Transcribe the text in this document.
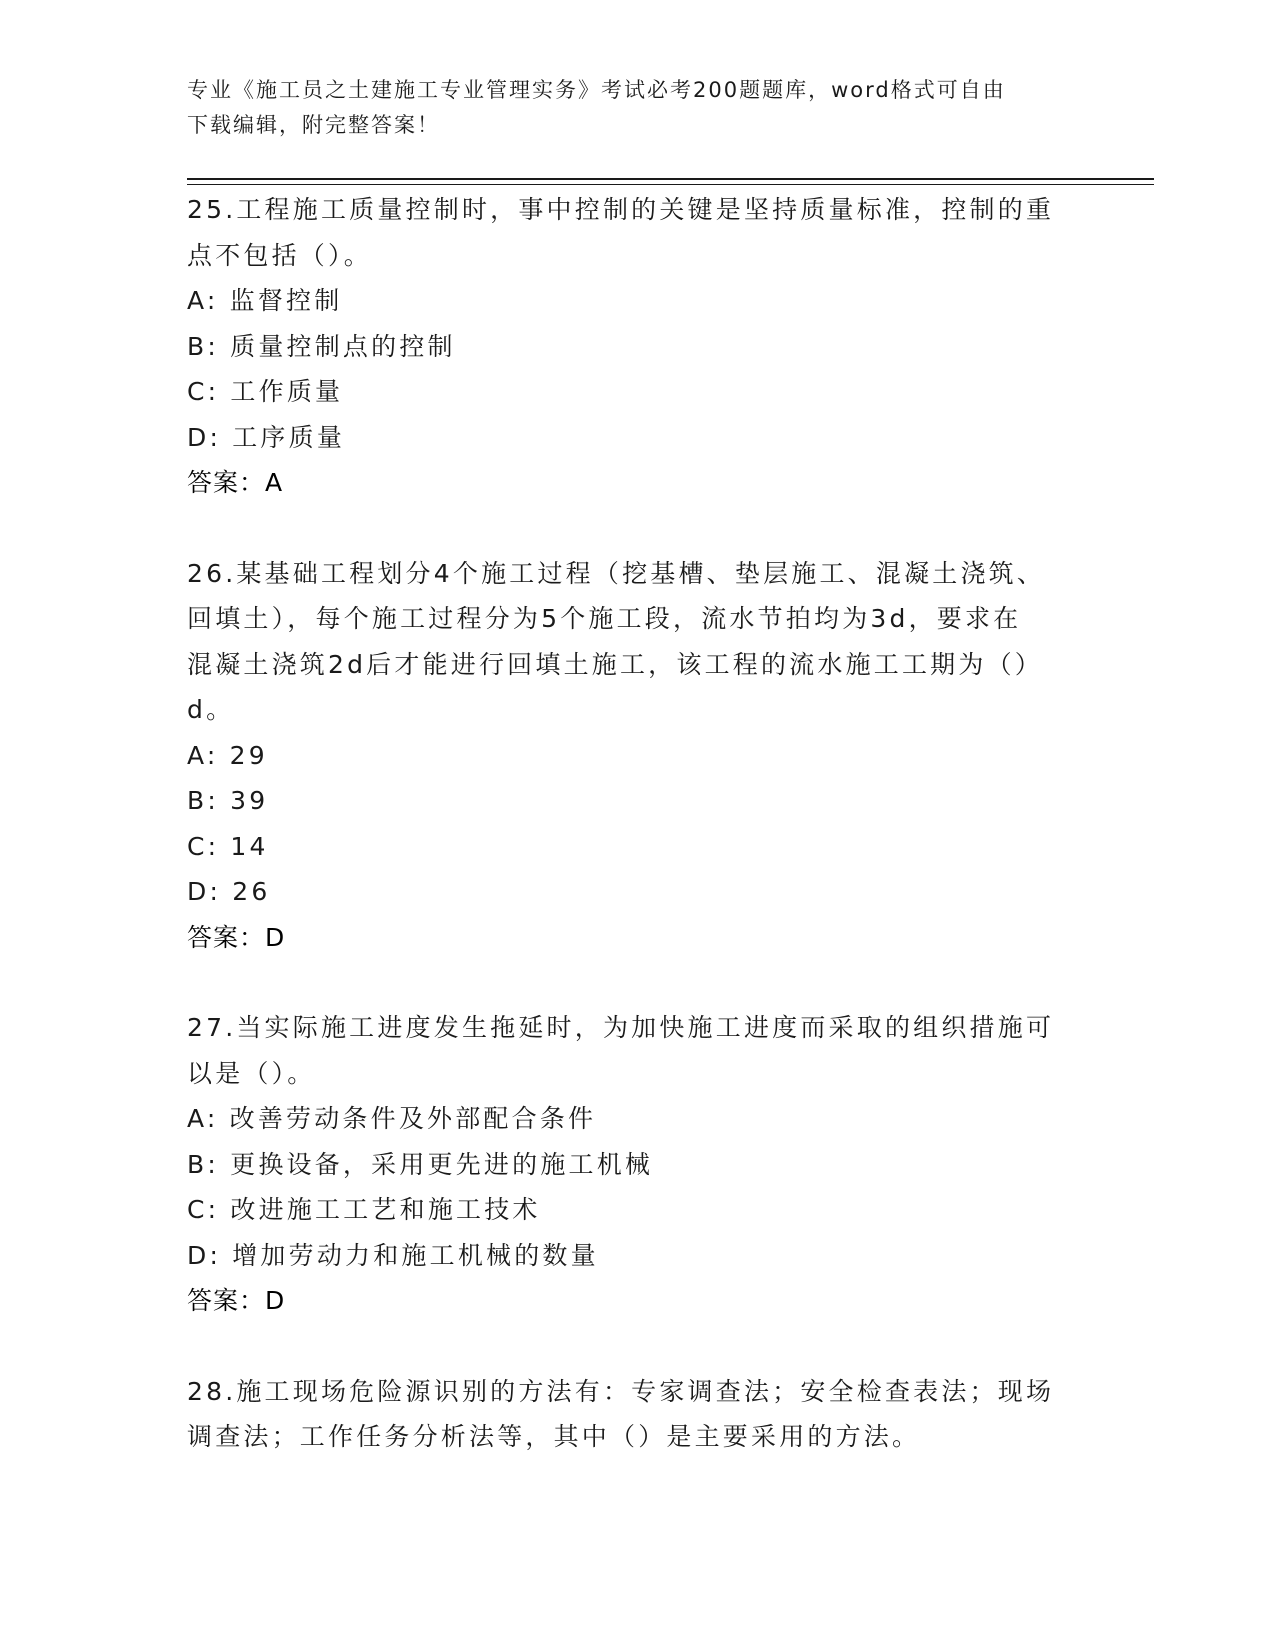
专业《施工员之土建施工专业管理实务》考试必考200题题库，word格式可自由
下载编辑，附完整答案！
25.工程施工质量控制时，事中控制的关键是坚持质量标准，控制的重
点不包括（）。
A: 监督控制
B: 质量控制点的控制
C: 工作质量
D: 工序质量
答案：A
26.某基础工程划分4个施工过程（挖基槽、垫层施工、混凝土浇筑、
回填土），每个施工过程分为5个施工段，流水节拍均为3d，要求在
混凝土浇筑2d后才能进行回填土施工，该工程的流水施工工期为（）
d。
A: 29
B: 39
C: 14
D: 26
答案：D
27.当实际施工进度发生拖延时，为加快施工进度而采取的组织措施可
以是（）。
A: 改善劳动条件及外部配合条件
B: 更换设备，采用更先进的施工机械
C: 改进施工工艺和施工技术
D: 增加劳动力和施工机械的数量
答案：D
28.施工现场危险源识别的方法有：专家调查法；安全检查表法；现场
调查法；工作任务分析法等，其中（）是主要采用的方法。
